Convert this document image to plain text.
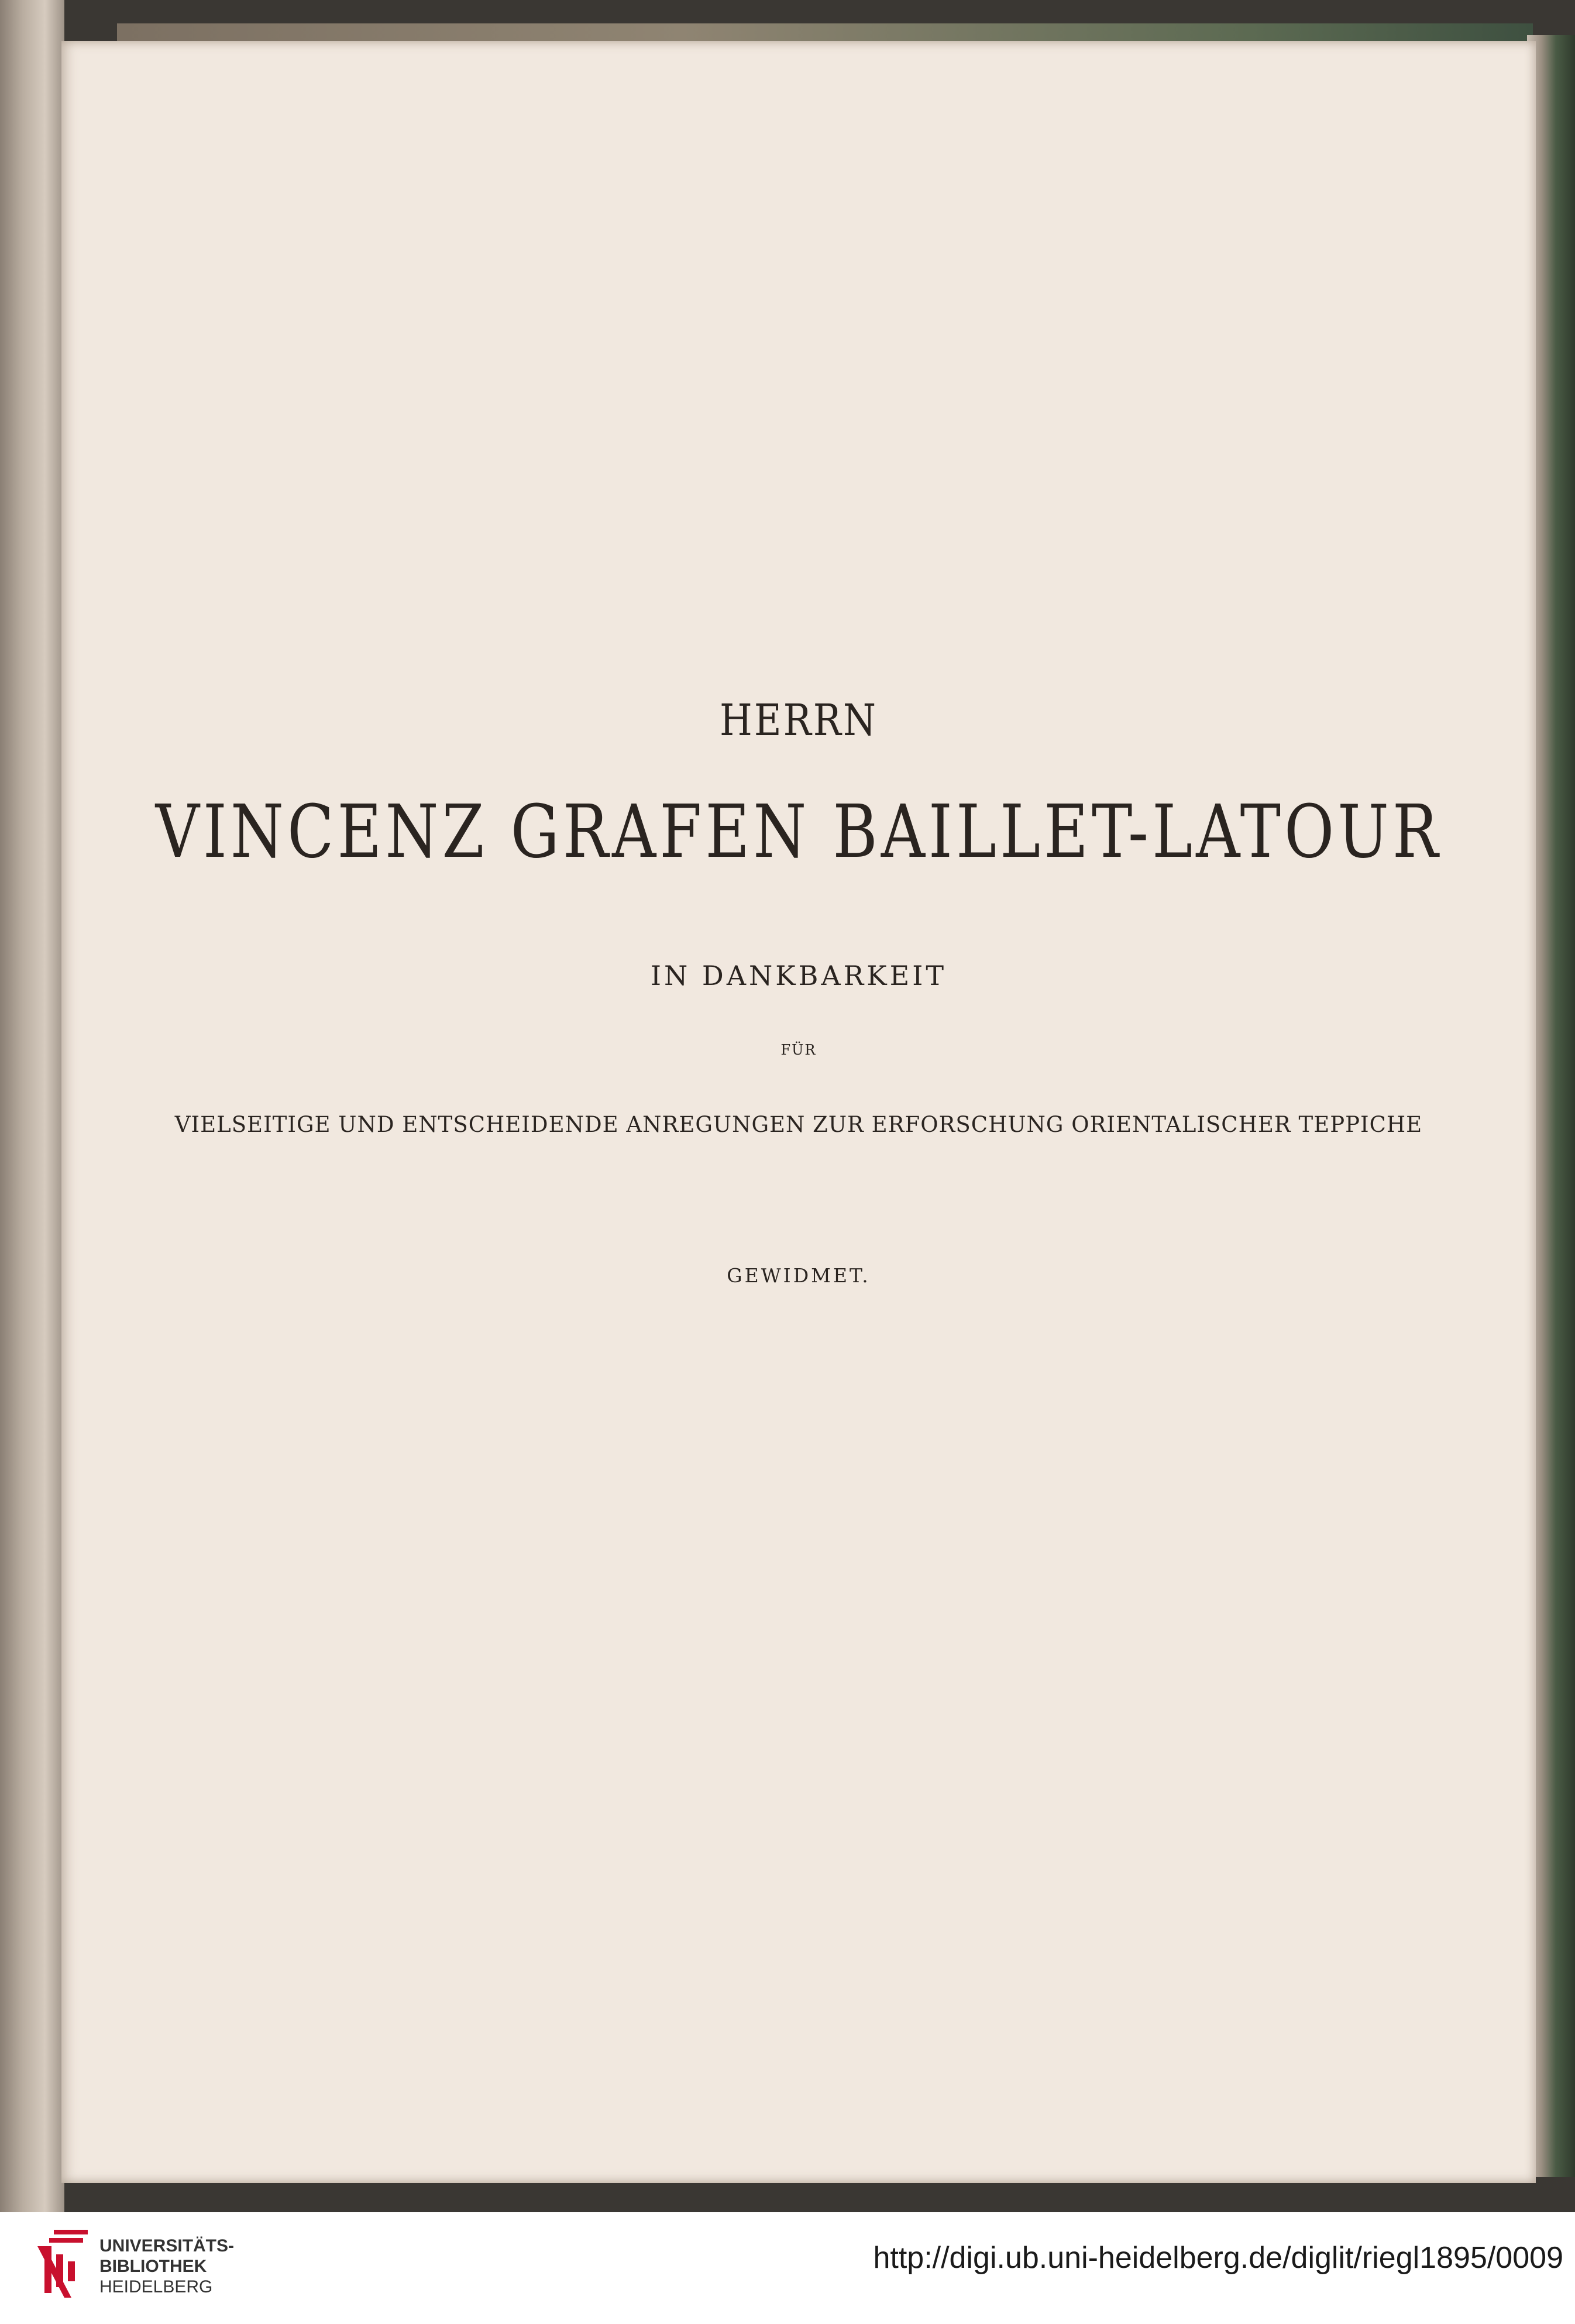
HERRN
VINCENZ GRAFEN BAILLET-LATOUR
IN DANKBARKEIT
FÜR
VIELSEITIGE UND ENTSCHEIDENDE ANREGUNGEN ZUR ERFORSCHUNG ORIENTALISCHER TEPPICHE
GEWIDMET.
UNIVERSITÄTS-
BIBLIOTHEK
HEIDELBERG
http://digi.ub.uni-heidelberg.de/diglit/riegl1895/0009
